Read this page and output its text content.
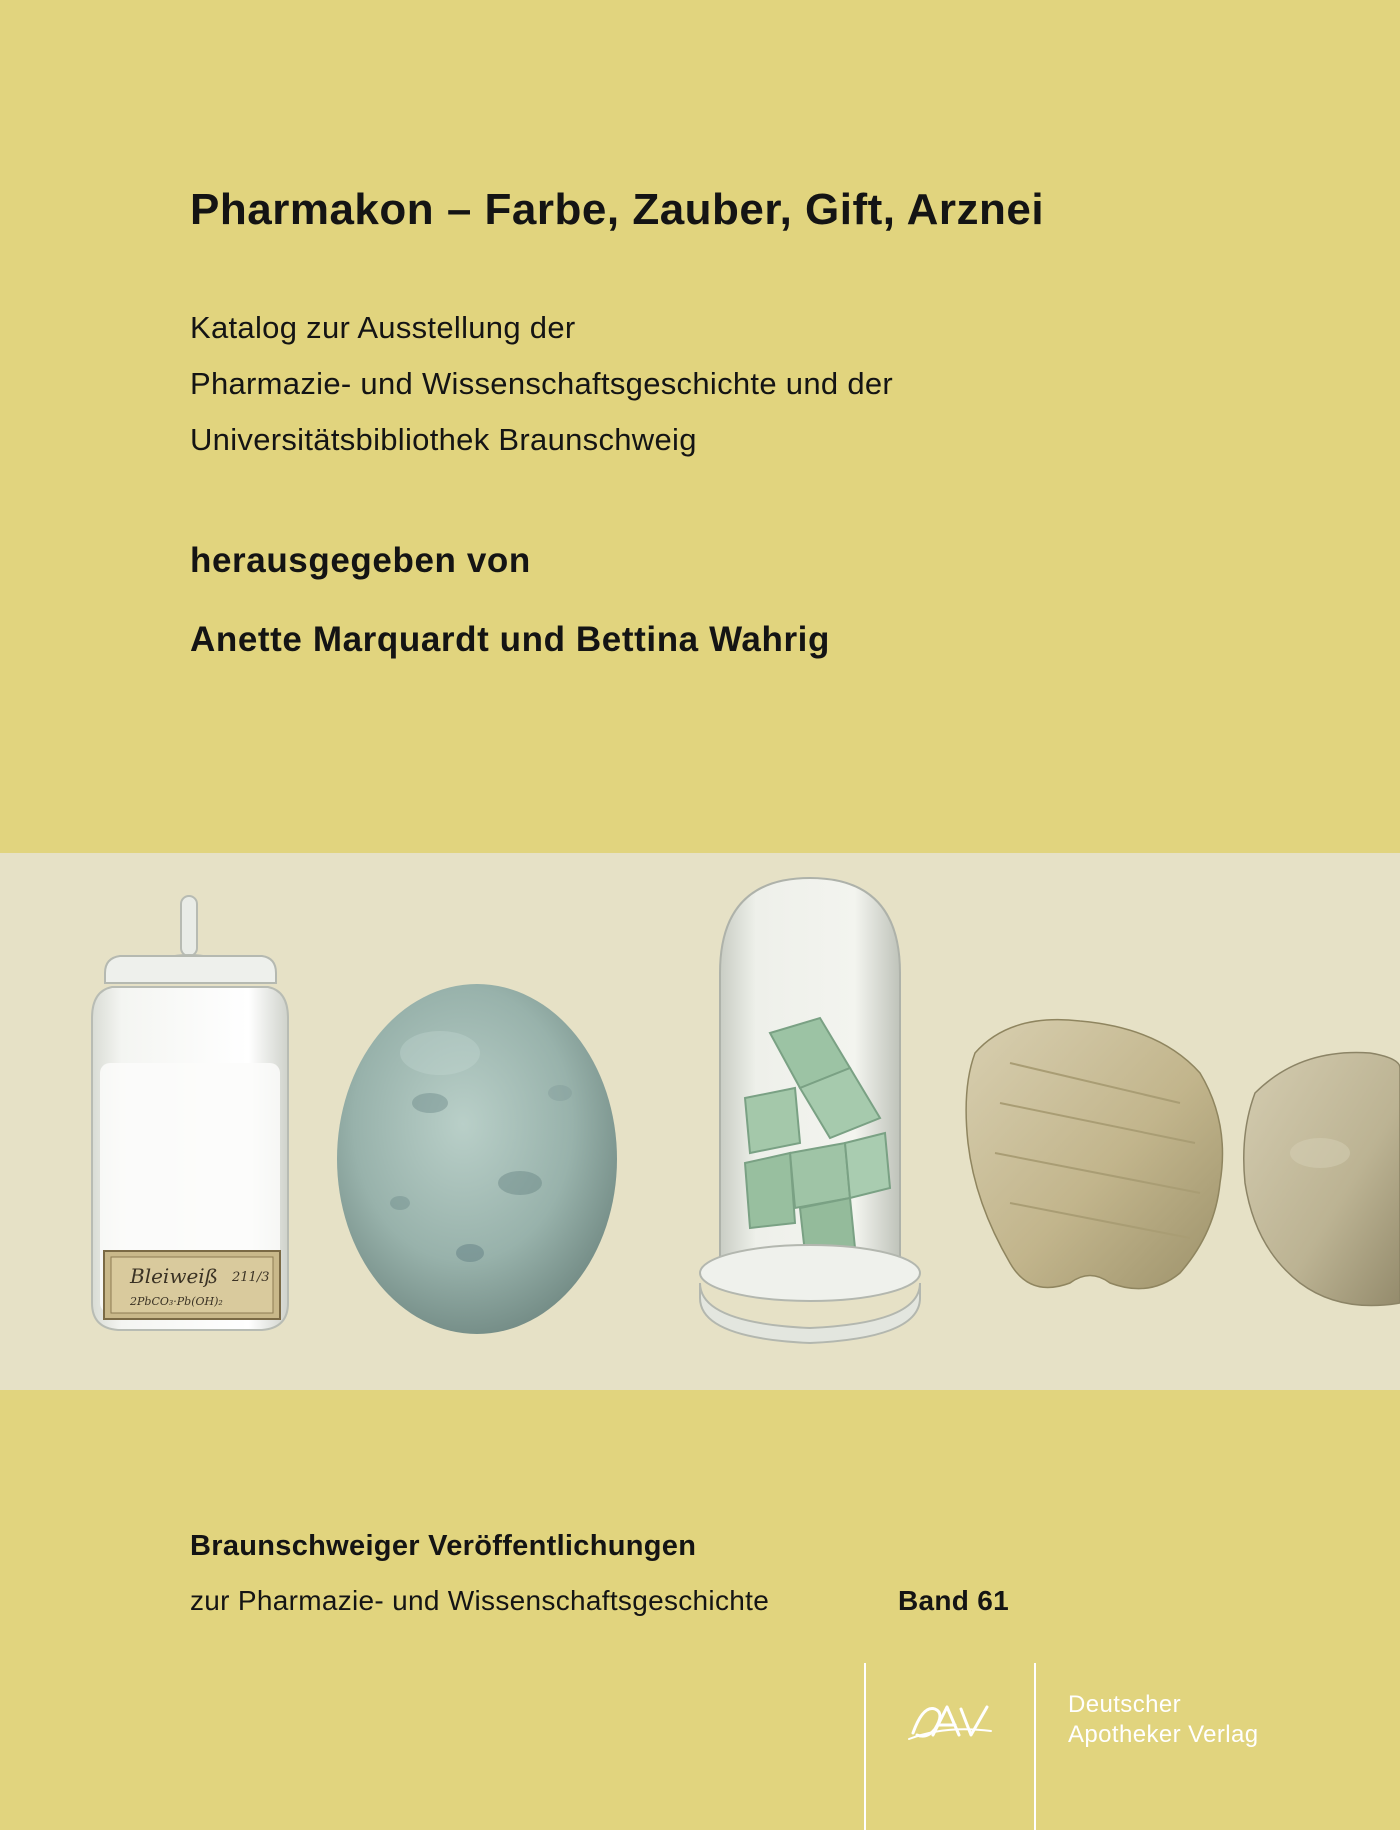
Pharmakon – Farbe, Zauber, Gift, Arznei
Katalog zur Ausstellung der
Pharmazie- und Wissenschaftsgeschichte und der
Universitätsbibliothek Braunschweig
herausgegeben von
Anette Marquardt und Bettina Wahrig
Bleiweiß 211/3
2PbCO₃·Pb(OH)₂
Braunschweiger Veröffentlichungen
zur Pharmazie- und Wissenschaftsgeschichte	Band 61
Deutscher
Apotheker Verlag
